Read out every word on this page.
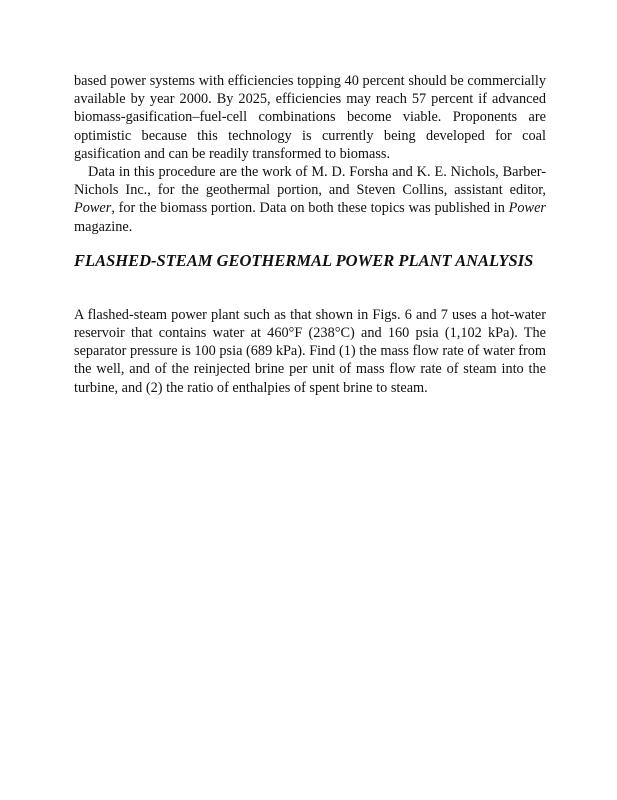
based power systems with efficiencies topping 40 percent should be commercially available by year 2000. By 2025, efficiencies may reach 57 percent if advanced biomass-gasification–fuel-cell combinations become viable. Proponents are optimistic because this technology is currently being developed for coal gasification and can be readily transformed to biomass.

Data in this procedure are the work of M. D. Forsha and K. E. Nichols, Barber-Nichols Inc., for the geothermal portion, and Steven Collins, assistant editor, Power, for the biomass portion. Data on both these topics was published in Power magazine.

FLASHED-STEAM GEOTHERMAL POWER PLANT ANALYSIS

A flashed-steam power plant such as that shown in Figs. 6 and 7 uses a hot-water reservoir that contains water at 460°F (238°C) and 160 psia (1,102 kPa). The separator pressure is 100 psia (689 kPa). Find (1) the mass flow rate of water from the well, and of the reinjected brine per unit of mass flow rate of steam into the turbine, and (2) the ratio of enthalpies of spent brine to steam.
